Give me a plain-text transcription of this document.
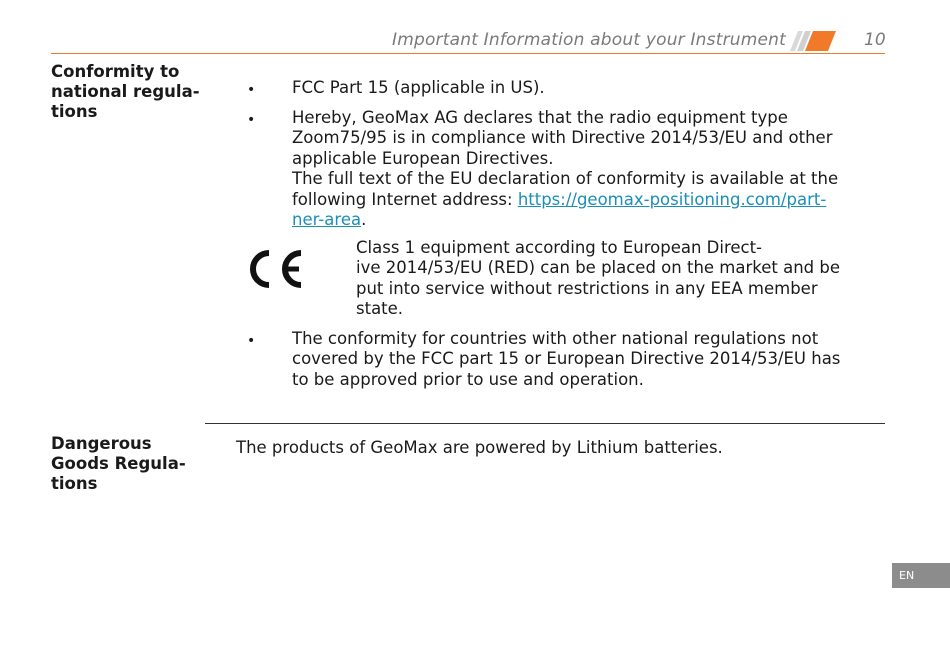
Important Information about your Instrument	10
Conformity to
national regula-
tions
• FCC Part 15 (applicable in US).
• Hereby, GeoMax AG declares that the radio equipment type
Zoom75/95 is in compliance with Directive 2014/53/EU and other
applicable European Directives.
The full text of the EU declaration of conformity is available at the
following Internet address: https://geomax-positioning.com/part-
ner-area.
Class 1 equipment according to European Direct-
ive 2014/53/EU (RED) can be placed on the market and be
put into service without restrictions in any EEA member
state.
• The conformity for countries with other national regulations not
covered by the FCC part 15 or European Directive 2014/53/EU has
to be approved prior to use and operation.
Dangerous
Goods Regula-
tions
The products of GeoMax are powered by Lithium batteries.
EN
